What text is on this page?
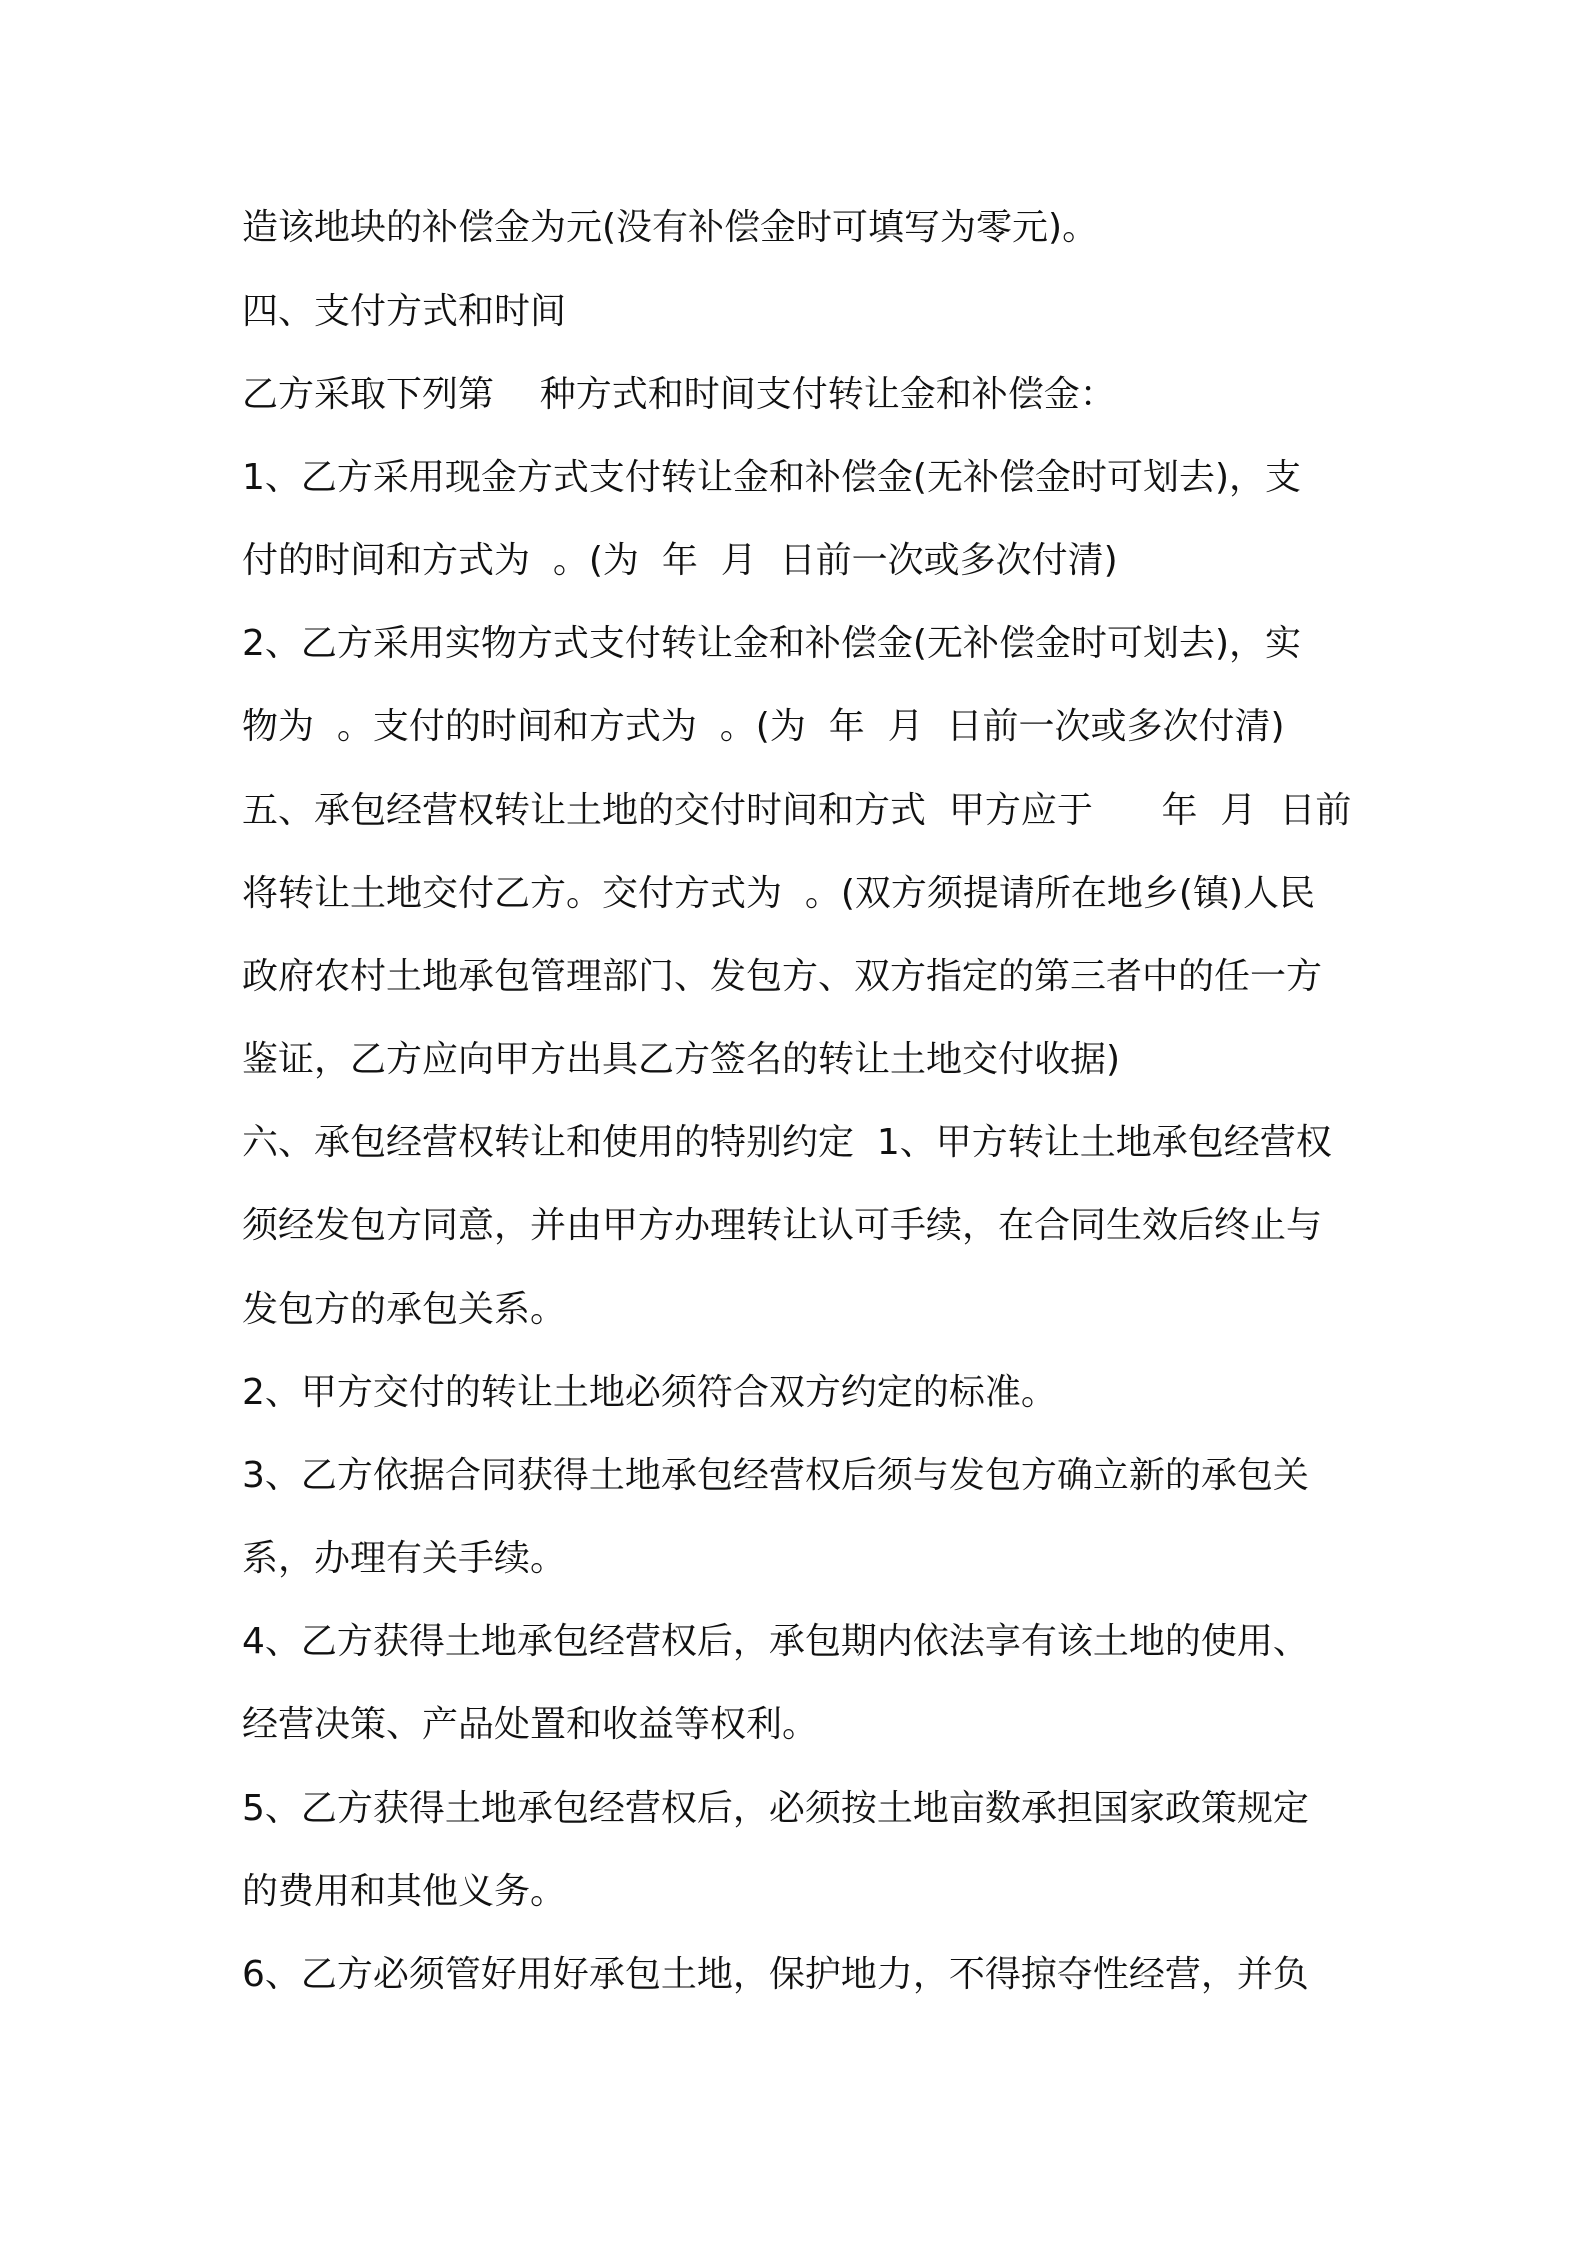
造该地块的补偿金为元(没有补偿金时可填写为零元)。
四、支付方式和时间
乙方采取下列第    种方式和时间支付转让金和补偿金：
1、乙方采用现金方式支付转让金和补偿金(无补偿金时可划去)，支
付的时间和方式为  。(为  年  月  日前一次或多次付清)
2、乙方采用实物方式支付转让金和补偿金(无补偿金时可划去)，实
物为  。支付的时间和方式为  。(为  年  月  日前一次或多次付清)
五、承包经营权转让土地的交付时间和方式  甲方应于      年  月  日前
将转让土地交付乙方。交付方式为  。(双方须提请所在地乡(镇)人民
政府农村土地承包管理部门、发包方、双方指定的第三者中的任一方
鉴证，乙方应向甲方出具乙方签名的转让土地交付收据)
六、承包经营权转让和使用的特别约定  1、甲方转让土地承包经营权
须经发包方同意，并由甲方办理转让认可手续，在合同生效后终止与
发包方的承包关系。
2、甲方交付的转让土地必须符合双方约定的标准。
3、乙方依据合同获得土地承包经营权后须与发包方确立新的承包关
系，办理有关手续。
4、乙方获得土地承包经营权后，承包期内依法享有该土地的使用、
经营决策、产品处置和收益等权利。
5、乙方获得土地承包经营权后，必须按土地亩数承担国家政策规定
的费用和其他义务。
6、乙方必须管好用好承包土地，保护地力，不得掠夺性经营，并负
